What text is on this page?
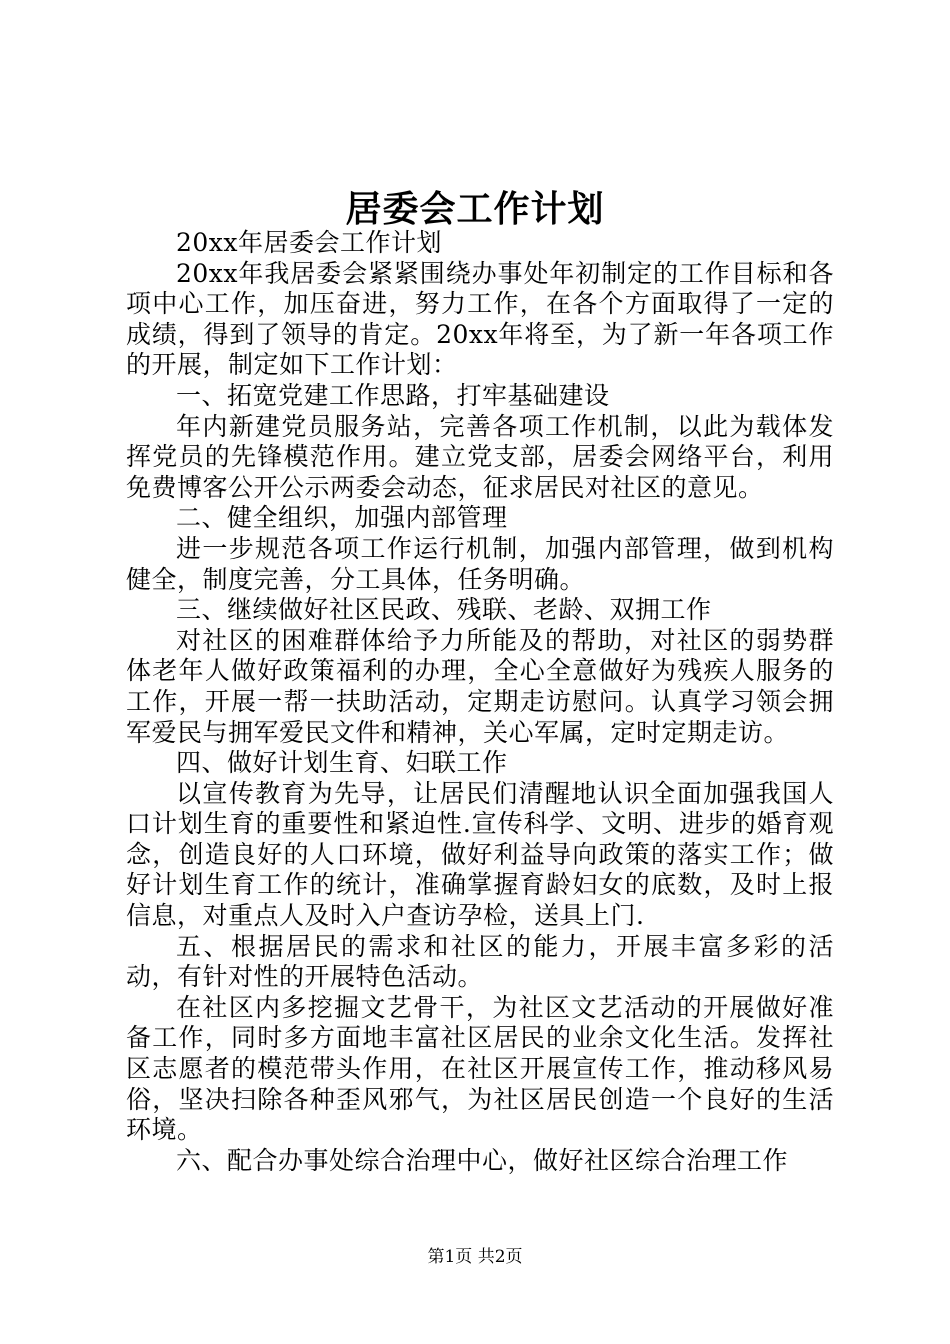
居委会工作计划

20xx年居委会工作计划

20xx年我居委会紧紧围绕办事处年初制定的工作目标和各项中心工作，加压奋进，努力工作，在各个方面取得了一定的成绩，得到了领导的肯定。20xx年将至，为了新一年各项工作的开展，制定如下工作计划：

一、拓宽党建工作思路，打牢基础建设

年内新建党员服务站，完善各项工作机制，以此为载体发挥党员的先锋模范作用。建立党支部，居委会网络平台，利用免费博客公开公示两委会动态，征求居民对社区的意见。

二、健全组织，加强内部管理

进一步规范各项工作运行机制，加强内部管理，做到机构健全，制度完善，分工具体，任务明确。

三、继续做好社区民政、残联、老龄、双拥工作

对社区的困难群体给予力所能及的帮助，对社区的弱势群体老年人做好政策福利的办理，全心全意做好为残疾人服务的工作，开展一帮一扶助活动，定期走访慰问。认真学习领会拥军爱民与拥军爱民文件和精神，关心军属，定时定期走访。

四、做好计划生育、妇联工作

以宣传教育为先导，让居民们清醒地认识全面加强我国人口计划生育的重要性和紧迫性.宣传科学、文明、进步的婚育观念，创造良好的人口环境，做好利益导向政策的落实工作；做好计划生育工作的统计，准确掌握育龄妇女的底数，及时上报信息，对重点人及时入户查访孕检，送具上门.

五、根据居民的需求和社区的能力，开展丰富多彩的活动，有针对性的开展特色活动。

在社区内多挖掘文艺骨干，为社区文艺活动的开展做好准备工作，同时多方面地丰富社区居民的业余文化生活。发挥社区志愿者的模范带头作用，在社区开展宣传工作，推动移风易俗，坚决扫除各种歪风邪气，为社区居民创造一个良好的生活环境。

六、配合办事处综合治理中心，做好社区综合治理工作

第1页 共2页
